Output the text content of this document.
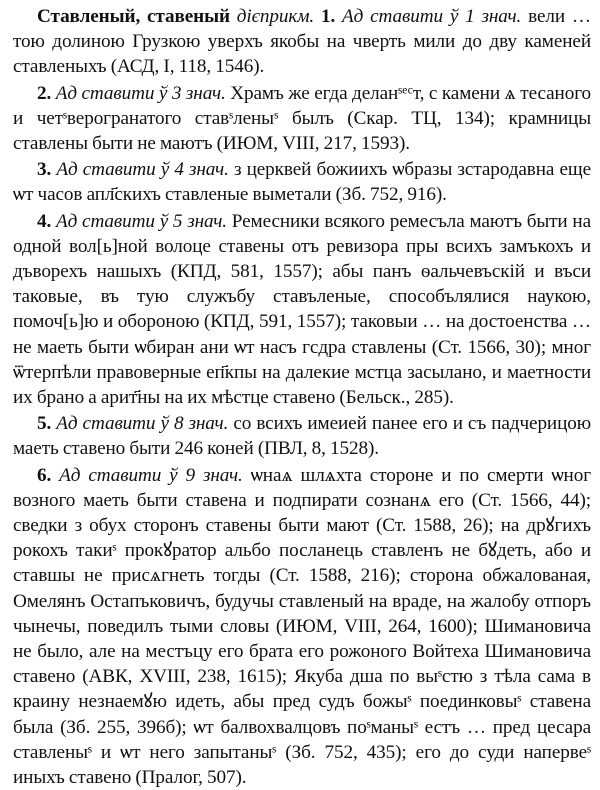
Ставленый, ставеный дієприкм. 1. Ад ставити ў 1 знач. вели … тою долиною Грузкою уверхъ якобы на чверть мили до дву каменей ставленыхъ (АСД, I, 118, 1546).

2. Ад ставити ў 3 знач. Храмъ же егда деланˢ$^{ес}$т, с камени ѧ тесаного и четˢверогранатого ставˢлены$^s$ былъ (Скар. ТЦ, 134); крамницы ставлены быти не маютъ (ИЮМ, VIII, 217, 1593).

3. Ад ставити ў 4 знач. з церквей божиихъ ѡбразы зстародавна еще ѡт часов апл҃скихъ ставленые выметали (Зб. 752, 916).

4. Ад ставити ў 5 знач. Ремесники всякого ремесъла маютъ быти на одной вол[ь]ной волоце ставены отъ ревизора пры всихъ замъкохъ и дъворехъ нашыхъ (КПД, 581, 1557); абы панъ ѳальчевъскій и въси таковые, въ тую служъбу ставъленые, способълялися наукою, помоч[ь]ю и обороною (КПД, 591, 1557); таковыи … на достоенства … не маеть быти ѡбиран ани ѡт насъ гсдра ставлены (Ст. 1566, 30); мног ѿтерпѣли правоверные еп҃кпы на далекие мстца засылано, и маетности их брано а арит҃ны на их мѣстце ставено (Бельск., 285).

5. Ад ставити ў 8 знач. со всихъ имеией панее его и съ падчерицою маеть ставено быти 246 коней (ПВЛ, 8, 1528).

6. Ад ставити ў 9 знач. ѡнаѧ шлѧхта стороне и по смерти ѡног возного маеть быти ставена и подпирати сознанѧ его (Ст. 1566, 44); сведки з обух сторонъ ставены быти мают (Ст. 1588, 26); на дрꙋгихъ рокохъ такиˢ прокꙋратор альбо посланець ставленъ не бꙋдеть, або и ставшы не присѧгнеть тогды (Ст. 1588, 216); сторона обжалованая, Омелянъ Остапъковичъ, будучы ставленый на враде, на жалобу отпоръ чынечы, поведилъ тыми словы (ИЮМ, VIII, 264, 1600); Шимановича не было, але на местъцу его брата его рожоного Войтеха Шимановича ставено (АВК, XVIII, 238, 1615); Якуба дша по выˢстю з тѣла сама в краину незнаемꙋю идеть, абы пред судъ божыˢ поединковыˢ ставена была (Зб. 255, 396б); ѡт балвохвалцовъ поˢманыˢ естъ … пред цесара ставленыˢ и ѡт него запытаныˢ (Зб. 752, 435); его до суди напервеˢ иныхъ ставено (Пралог, 507).
